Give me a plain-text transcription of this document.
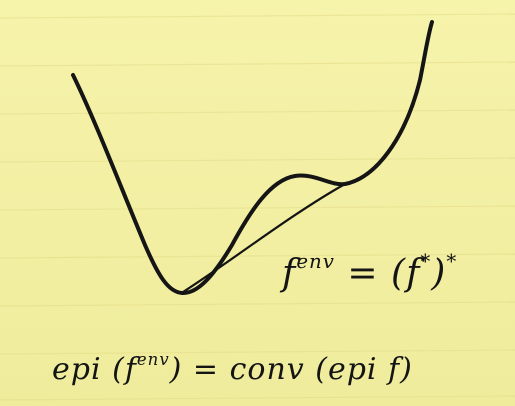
$f^{env} = (f^*)^*$
epi $(f^{env})$ = conv (epi f)
